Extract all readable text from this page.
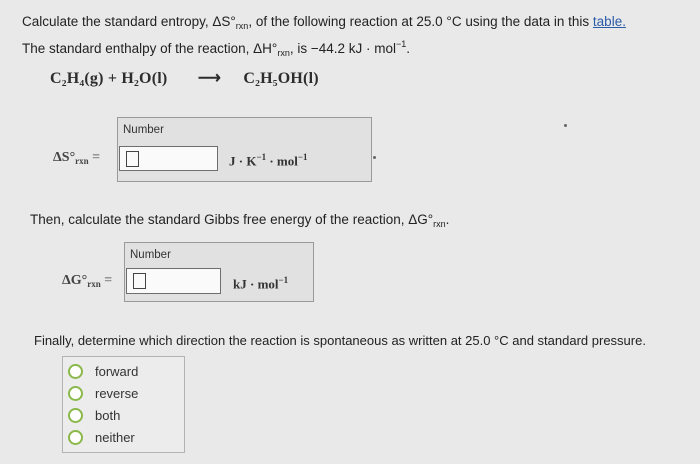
Calculate the standard entropy, $\Delta S^\circ_{rxn}$, of the following reaction at 25.0 °C using the data in this table.
The standard enthalpy of the reaction, $\Delta H^\circ_{rxn}$, is −44.2 kJ · mol$^{-1}$.
C₂H₄(g) + H₂O(l) ⟶ C₂H₅OH(l)
Number
$\Delta S^\circ_{rxn}$ =	$J \cdot K^{-1} \cdot mol^{-1}$
Then, calculate the standard Gibbs free energy of the reaction, $\Delta G^\circ_{rxn}$.
Number
$\Delta G^\circ_{rxn}$ =	kJ · mol$^{-1}$
Finally, determine which direction the reaction is spontaneous as written at 25.0 °C and standard pressure.
forward
reverse
both
neither
